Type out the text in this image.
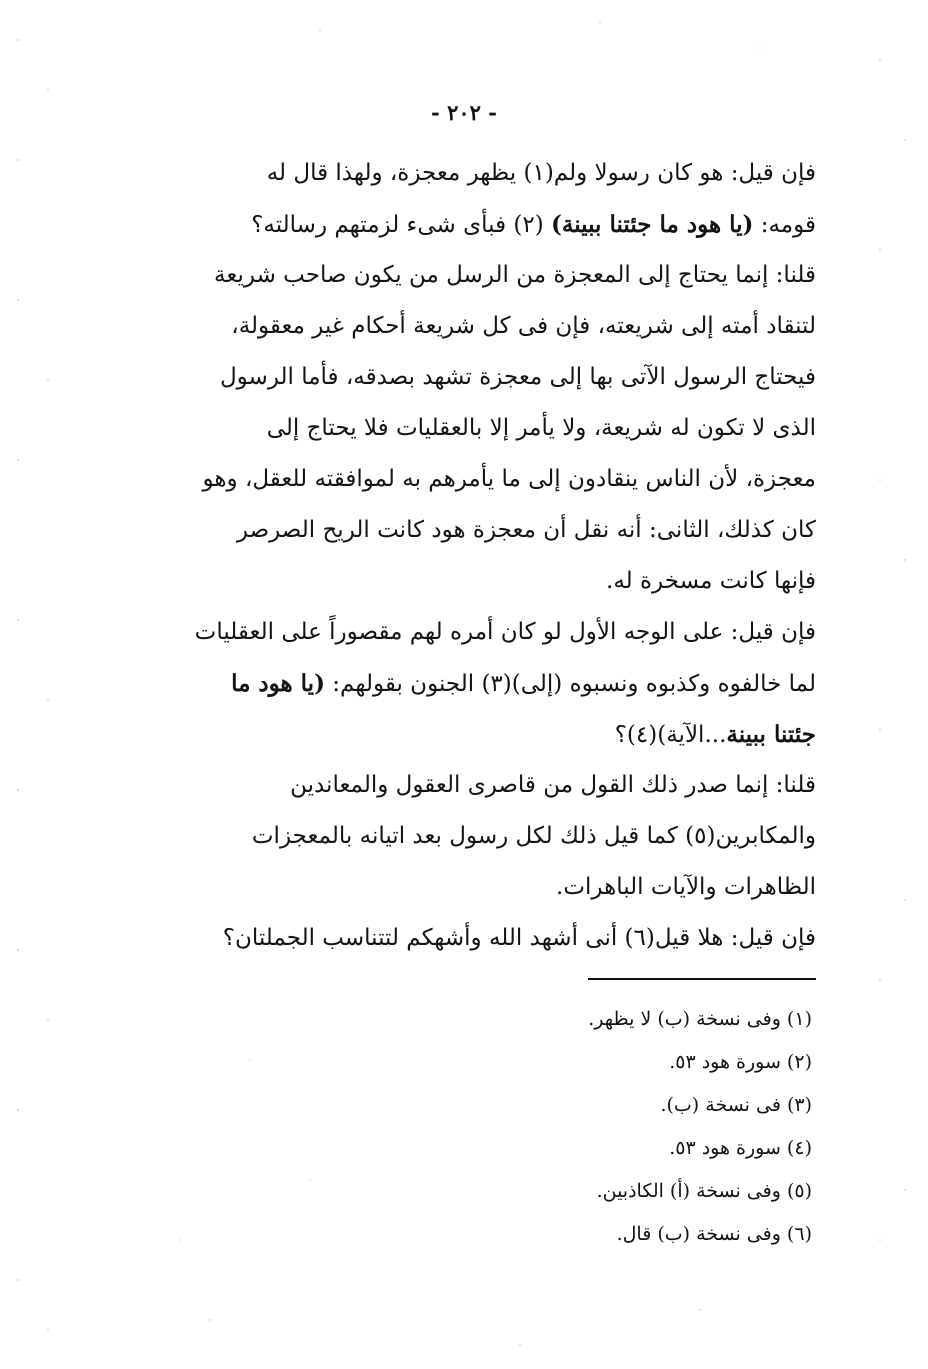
- ٢٠٢ -
فإن قيل: هو كان رسولا ولم(١) يظهر معجزة، ولهذا قال له
قومه: (يا هود ما جئتنا ببينة) (٢) فبأى شىء لزمتهم رسالته؟
قلنا: إنما يحتاج إلى المعجزة من الرسل من يكون صاحب شريعة
لتنقاد أمته إلى شريعته، فإن فى كل شريعة أحكام غير معقولة،
فيحتاج الرسول الآتى بها إلى معجزة تشهد بصدقه، فأما الرسول
الذى لا تكون له شريعة، ولا يأمر إلا بالعقليات فلا يحتاج إلى
معجزة، لأن الناس ينقادون إلى ما يأمرهم به لموافقته للعقل، وهو
كان كذلك، الثانى: أنه نقل أن معجزة هود كانت الريح الصرصر
فإنها كانت مسخرة له.
فإن قيل: على الوجه الأول لو كان أمره لهم مقصوراً على العقليات
لما خالفوه وكذبوه ونسبوه (إلى)(٣) الجنون بقولهم: (يا هود ما
جئتنا ببينة...الآية)(٤)؟
قلنا: إنما صدر ذلك القول من قاصرى العقول والمعاندين
والمكابرين(٥) كما قيل ذلك لكل رسول بعد اتيانه بالمعجزات
الظاهرات والآيات الباهرات.
فإن قيل: هلا قيل(٦) أنى أشهد الله وأشهكم لتتناسب الجملتان؟
(١) وفى نسخة (ب) لا يظهر.
(٢) سورة هود ٥٣.
(٣) فى نسخة (ب).
(٤) سورة هود ٥٣.
(٥) وفى نسخة (أ) الكاذبين.
(٦) وفى نسخة (ب) قال.
